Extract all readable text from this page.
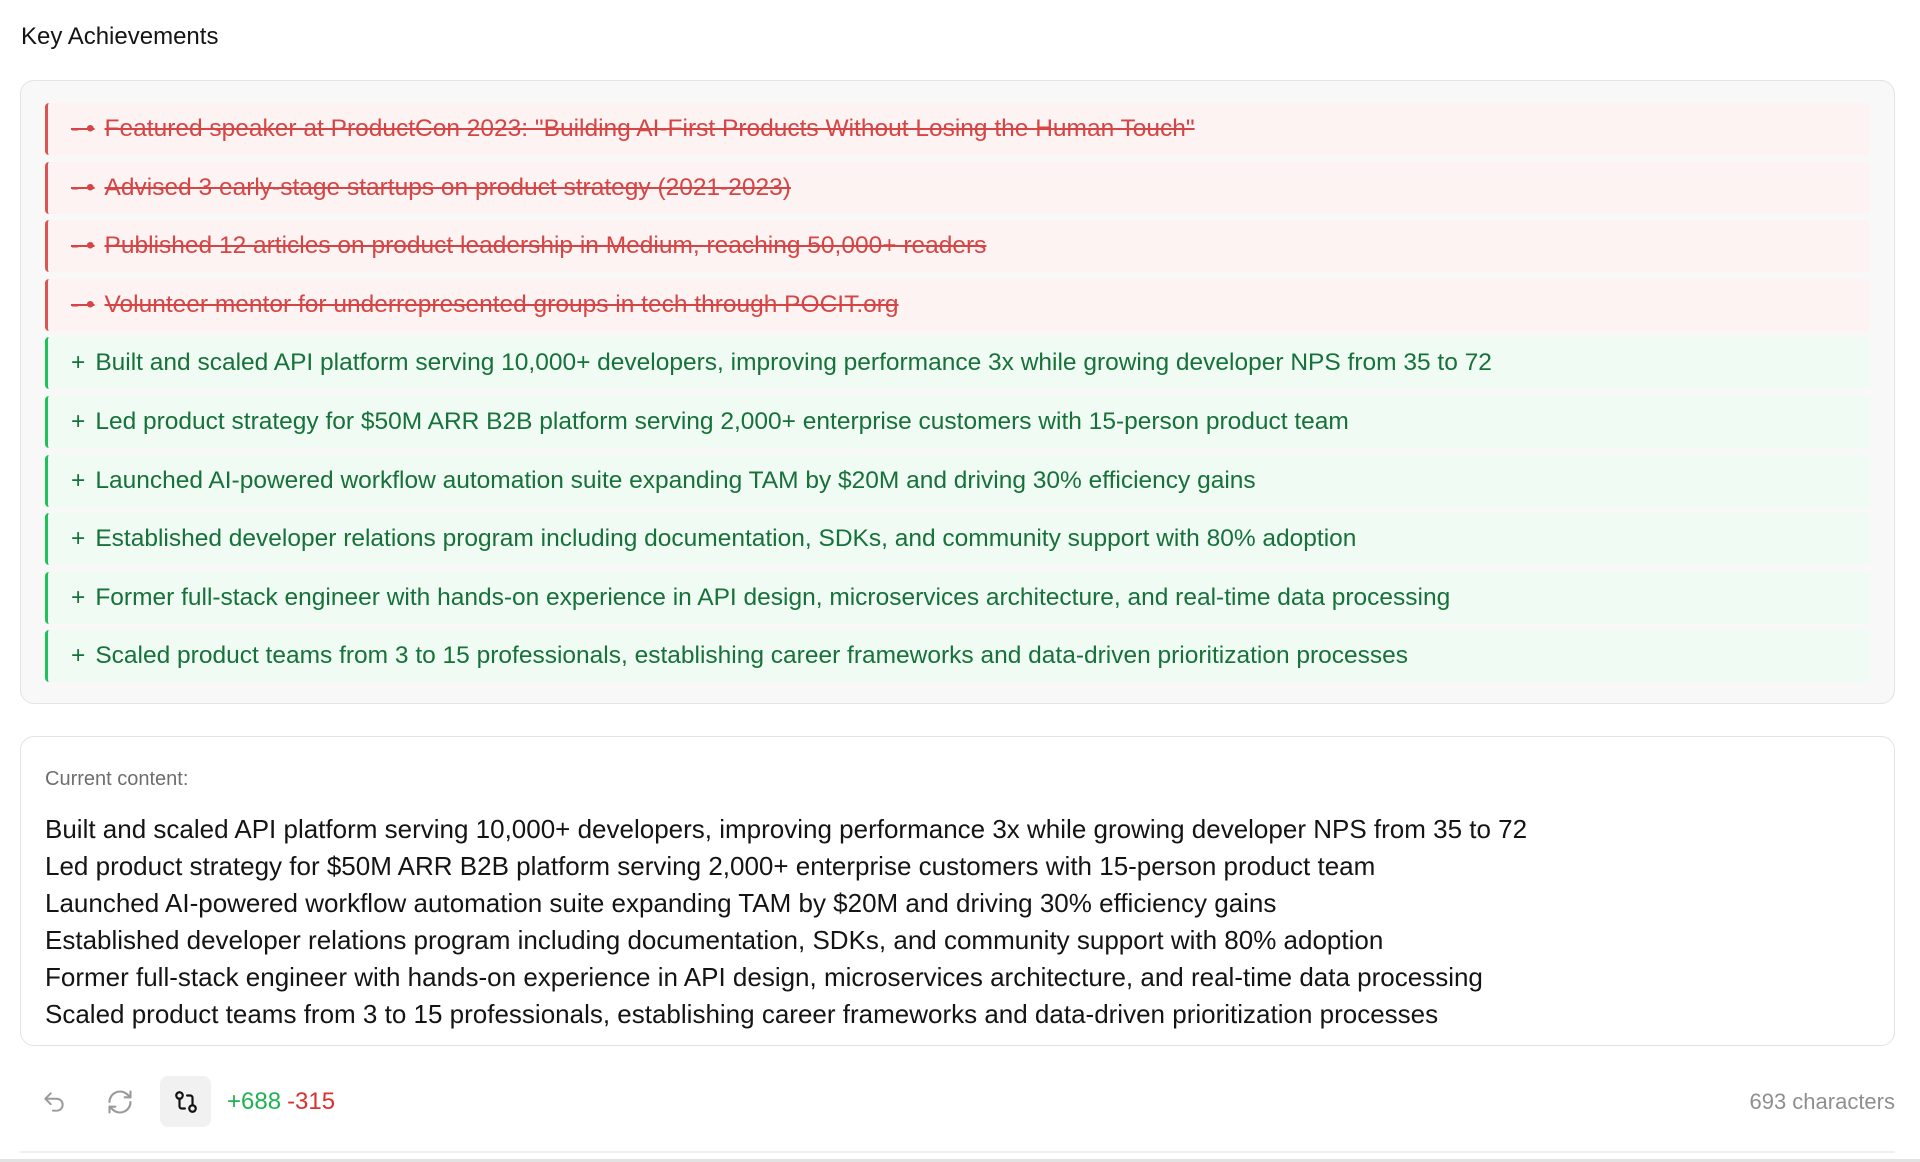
Key Achievements
- • Featured speaker at ProductCon 2023: "Building AI-First Products Without Losing the Human Touch"
- • Advised 3 early-stage startups on product strategy (2021-2023)
- • Published 12 articles on product leadership in Medium, reaching 50,000+ readers
- • Volunteer mentor for underrepresented groups in tech through POCIT.org
+ Built and scaled API platform serving 10,000+ developers, improving performance 3x while growing developer NPS from 35 to 72
+ Led product strategy for $50M ARR B2B platform serving 2,000+ enterprise customers with 15-person product team
+ Launched AI-powered workflow automation suite expanding TAM by $20M and driving 30% efficiency gains
+ Established developer relations program including documentation, SDKs, and community support with 80% adoption
+ Former full-stack engineer with hands-on experience in API design, microservices architecture, and real-time data processing
+ Scaled product teams from 3 to 15 professionals, establishing career frameworks and data-driven prioritization processes
Current content:
Built and scaled API platform serving 10,000+ developers, improving performance 3x while growing developer NPS from 35 to 72
Led product strategy for $50M ARR B2B platform serving 2,000+ enterprise customers with 15-person product team
Launched AI-powered workflow automation suite expanding TAM by $20M and driving 30% efficiency gains
Established developer relations program including documentation, SDKs, and community support with 80% adoption
Former full-stack engineer with hands-on experience in API design, microservices architecture, and real-time data processing
Scaled product teams from 3 to 15 professionals, establishing career frameworks and data-driven prioritization processes
+688 -315	693 characters
